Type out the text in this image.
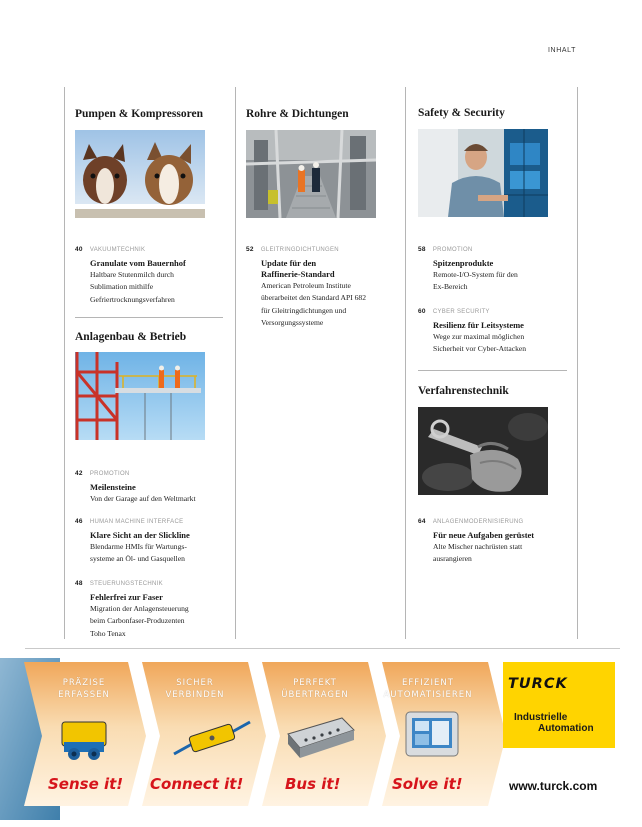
INHALT
Pumpen & Kompressoren
40 VAKUUMTECHNIK
Granulate vom Bauernhof
Haltbare Stutenmilch durch
Sublimation mithilfe
Gefriertrocknungsverfahren
Anlagenbau & Betrieb
42 PROMOTION
Meilensteine
Von der Garage auf den Weltmarkt
46 HUMAN MACHINE INTERFACE
Klare Sicht an der Slickline
Blendarme HMIs für Wartungs-
systeme an Öl- und Gasquellen
48 STEUERUNGSTECHNIK
Fehlerfrei zur Faser
Migration der Anlagensteuerung
beim Carbonfaser-Produzenten
Toho Tenax
Rohre & Dichtungen
52 GLEITRINGDICHTUNGEN
Update für den
Raffinerie-Standard
American Petroleum Institute
überarbeitet den Standard API 682
für Gleitringdichtungen und
Versorgungssysteme
Safety & Security
58 PROMOTION
Spitzenprodukte
Remote-I/O-System für den
Ex-Bereich
60 CYBER SECURITY
Resilienz für Leitsysteme
Wege zur maximal möglichen
Sicherheit vor Cyber-Attacken
Verfahrenstechnik
64 ANLAGENMODERNISIERUNG
Für neue Aufgaben gerüstet
Alte Mischer nachrüsten statt
ausrangieren
PRÄZISE
ERFASSEN
SICHER
VERBINDEN
PERFEKT
ÜBERTRAGEN
EFFIZIENT
AUTOMATISIEREN
Sense it! Connect it!	Bus it!	Solve it!
TURCK
Industrielle
Automation
www.turck.com
